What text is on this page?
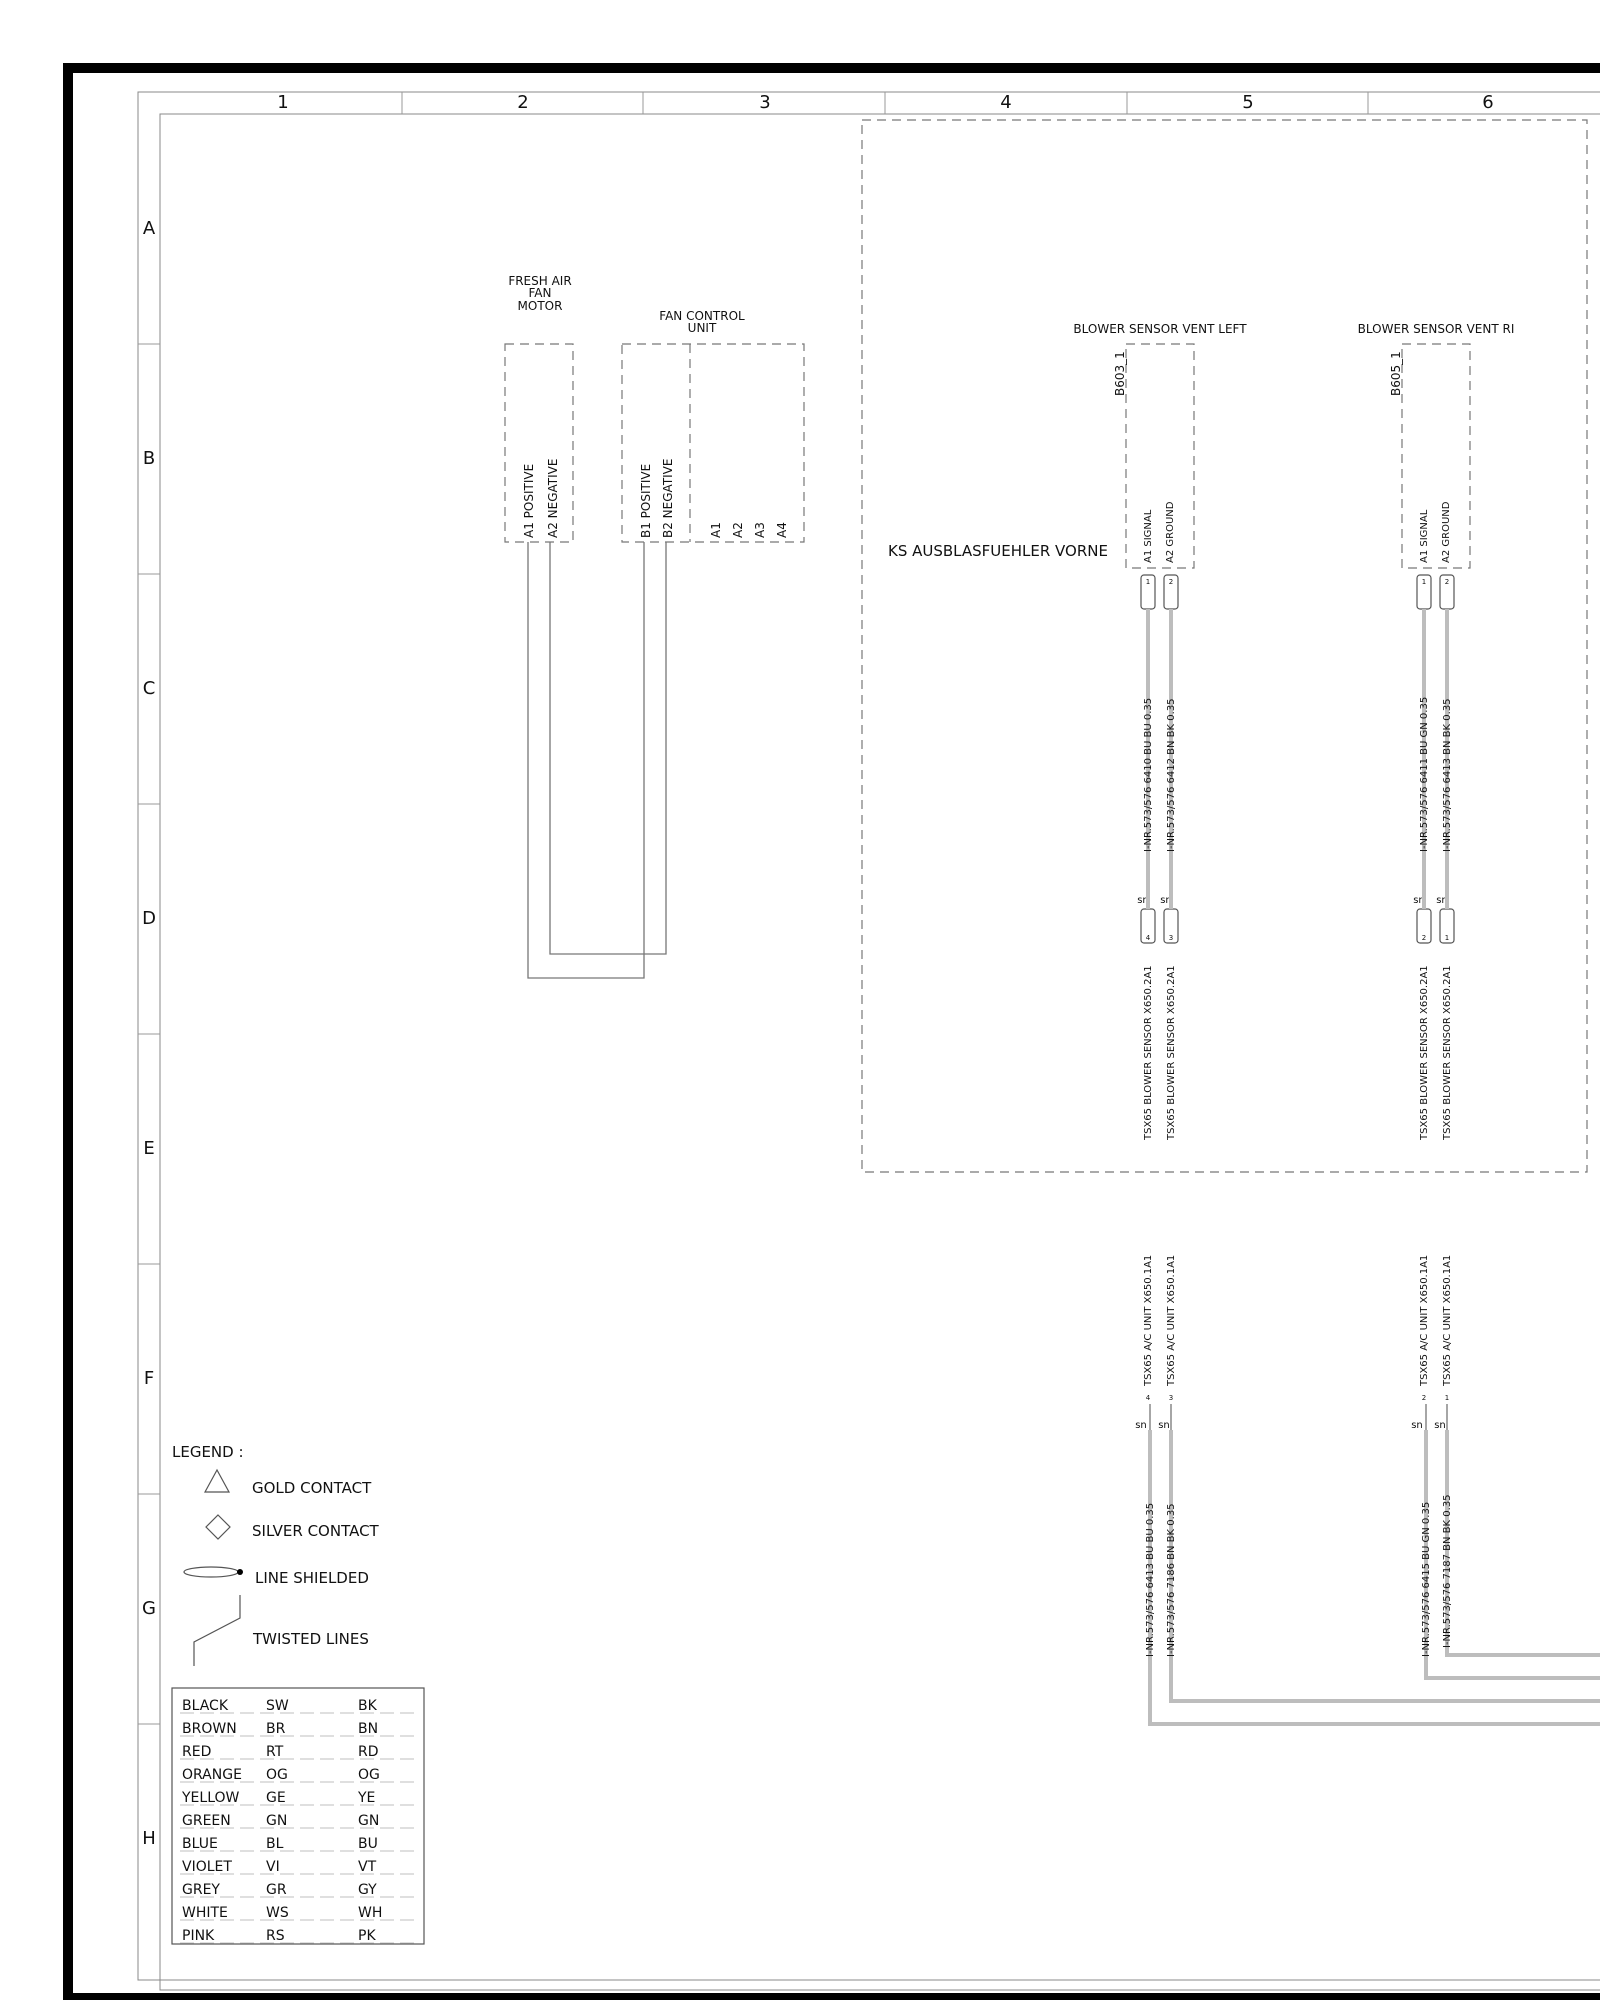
1	2	3	4	5	6
A
B
C
D
E
F
G
H
FRESH AIR
FAN
MOTOR
A1 POSITIVE A2 NEGATIVE
FAN CONTROL
UNIT
B1 POSITIVE B2 NEGATIVE	A1 A2 A3 A4
KS AUSBLASFUEHLER VORNE
BLOWER SENSOR VENT LEFT
B603_1
A1 SIGNAL A2 GROUND
BLOWER SENSOR VENT RI
B605_1
A1 SIGNAL A2 GROUND
1	2	1	2
4	3	2	1
sn sn	sn sn
I-NR.573/576 6410 BU BU 0.35 I-NR.573/576 6412 BN BK 0.35	I-NR.573/576 6411 BU GN 0.35 I-NR.573/576 6413 BN BK 0.35
TSX65 BLOWER SENSOR X650.2A1 TSX65 BLOWER SENSOR X650.2A1	TSX65 BLOWER SENSOR X650.2A1 TSX65 BLOWER SENSOR X650.2A1
TSX65 A/C UNIT X650.1A1 TSX65 A/C UNIT X650.1A1	TSX65 A/C UNIT X650.1A1 TSX65 A/C UNIT X650.1A1
4	3	2	1
sn sn	sn sn
I-NR.573/576 6413 BU BU 0.35 I-NR.573/576 7186 BN BK 0.35	I-NR.573/576 6415 BU GN 0.35 I-NR.573/576 7187 BN BK 0.35
LEGEND :
GOLD CONTACT
SILVER CONTACT
LINE SHIELDED
TWISTED LINES
BLACK	SW	BK
BROWN BR	BN
RED	RT	RD
ORANGE OG	OG
YELLOW GE	YE
GREEN	GN	GN
BLUE	BL	BU
VIOLET VI	VT
GREY	GR	GY
WHITE	WS	WH
PINK	RS	PK
